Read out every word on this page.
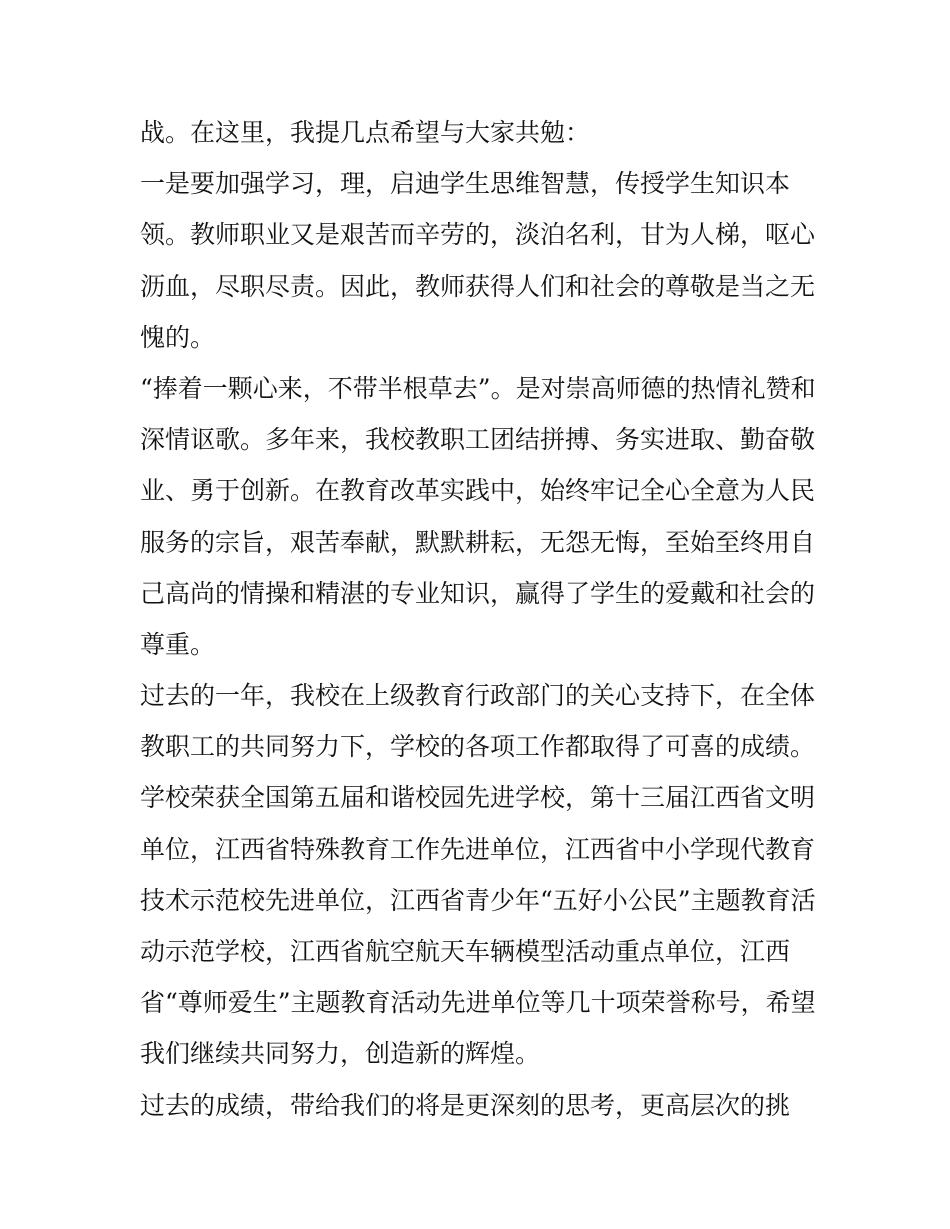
战。在这里，我提几点希望与大家共勉：
一是要加强学习，理，启迪学生思维智慧，传授学生知识本
领。教师职业又是艰苦而辛劳的，淡泊名利，甘为人梯，呕心
沥血，尽职尽责。因此，教师获得人们和社会的尊敬是当之无
愧的。
“捧着一颗心来，不带半根草去”。是对崇高师德的热情礼赞和
深情讴歌。多年来，我校教职工团结拼搏、务实进取、勤奋敬
业、勇于创新。在教育改革实践中，始终牢记全心全意为人民
服务的宗旨，艰苦奉献，默默耕耘，无怨无悔，至始至终用自
己高尚的情操和精湛的专业知识，赢得了学生的爱戴和社会的
尊重。
过去的一年，我校在上级教育行政部门的关心支持下，在全体
教职工的共同努力下，学校的各项工作都取得了可喜的成绩。
学校荣获全国第五届和谐校园先进学校，第十三届江西省文明
单位，江西省特殊教育工作先进单位，江西省中小学现代教育
技术示范校先进单位，江西省青少年“五好小公民”主题教育活
动示范学校，江西省航空航天车辆模型活动重点单位，江西
省“尊师爱生”主题教育活动先进单位等几十项荣誉称号，希望
我们继续共同努力，创造新的辉煌。
过去的成绩，带给我们的将是更深刻的思考，更高层次的挑
